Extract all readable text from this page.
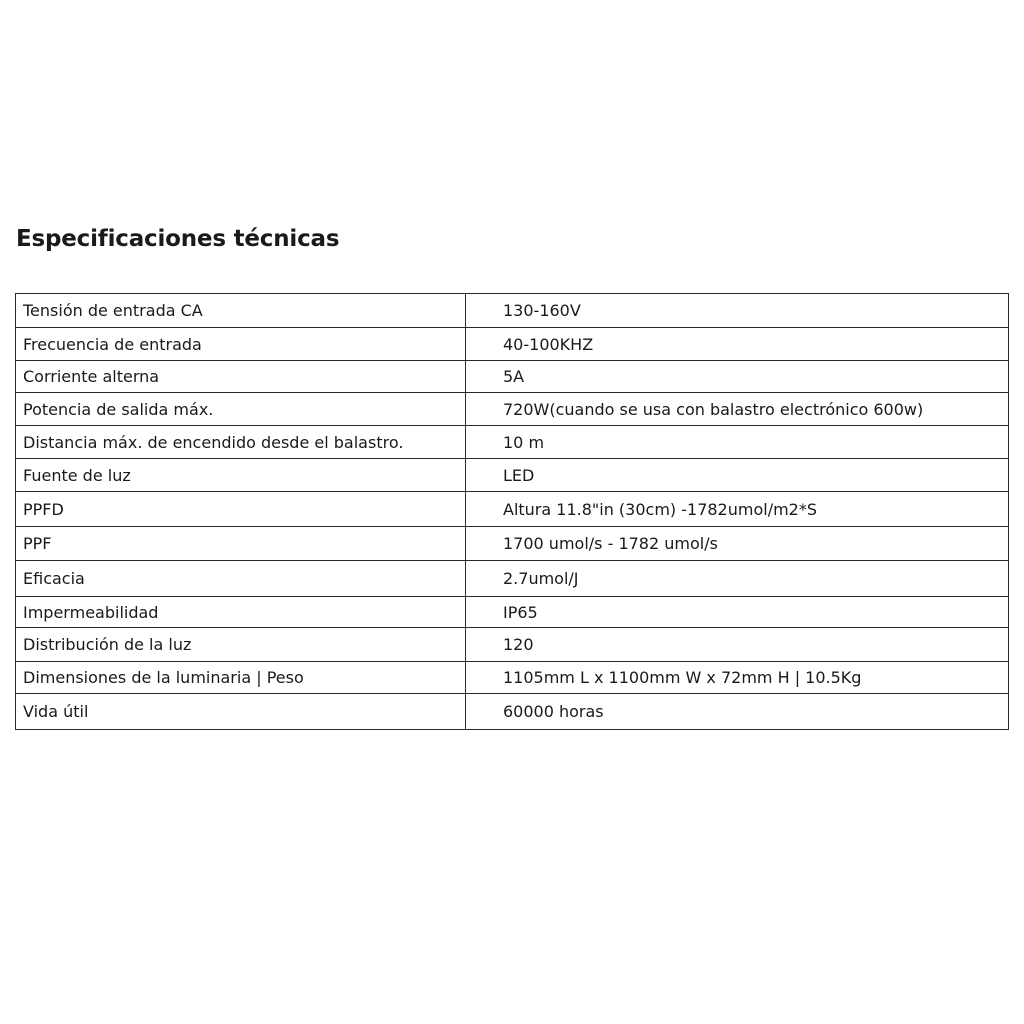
Especificaciones técnicas
Tensión de entrada CA	130-160V
Frecuencia de entrada	40-100KHZ
Corriente alterna	5A
Potencia de salida máx.	720W(cuando se usa con balastro electrónico 600w)
Distancia máx. de encendido desde el balastro.	10 m
Fuente de luz	LED
PPFD	Altura 11.8"in (30cm) -1782umol/m2*S
PPF	1700 umol/s - 1782 umol/s
Eficacia	2.7umol/J
Impermeabilidad	IP65
Distribución de la luz	120
Dimensiones de la luminaria | Peso	1105mm L x 1100mm W x 72mm H | 10.5Kg
Vida útil	60000 horas
